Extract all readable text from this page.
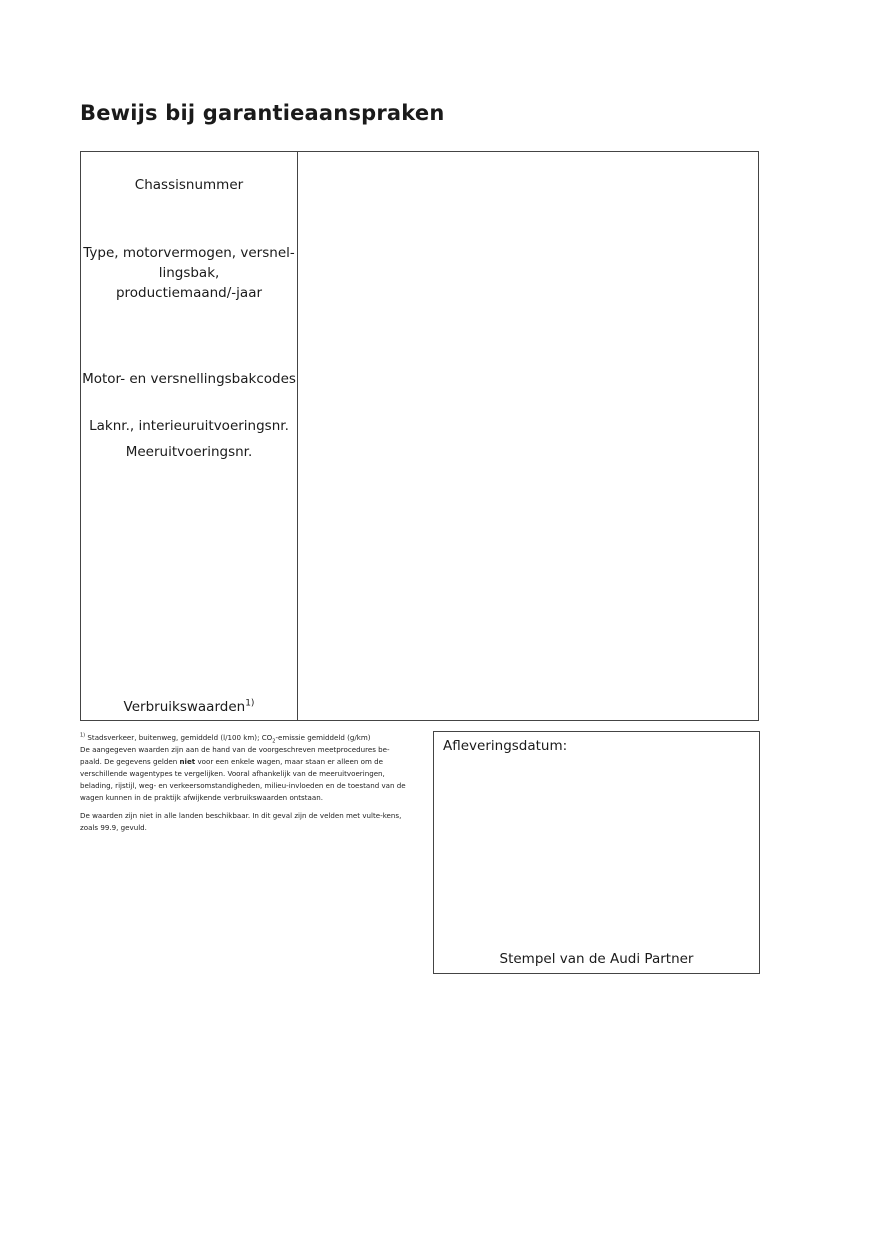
Bewijs bij garantieaanspraken
Chassisnummer
Type, motorvermogen, versnel-
lingsbak,
productiemaand/-jaar
Motor- en versnellingsbakcodes
Laknr., interieuruitvoeringsnr.
Meeruitvoeringsnr.
Verbruikswaarden$^{1)}$

$^{1)}$ Stadsverkeer, buitenweg, gemiddeld (l/100 km); $CO_2$-emissie gemiddeld (g/km)
De aangegeven waarden zijn aan de hand van de voorgeschreven meetprocedures be-paald. De gegevens gelden niet voor een enkele wagen, maar staan er alleen om de verschillende wagentypes te vergelijken. Vooral afhankelijk van de meeruitvoeringen, belading, rijstijl, weg- en verkeersomstandigheden, milieu-invloeden en de toestand van de wagen kunnen in de praktijk afwijkende verbruikswaarden ontstaan.

De waarden zijn niet in alle landen beschikbaar. In dit geval zijn de velden met vulte-kens, zoals 99.9, gevuld.

Afleveringsdatum:
Stempel van de Audi Partner
